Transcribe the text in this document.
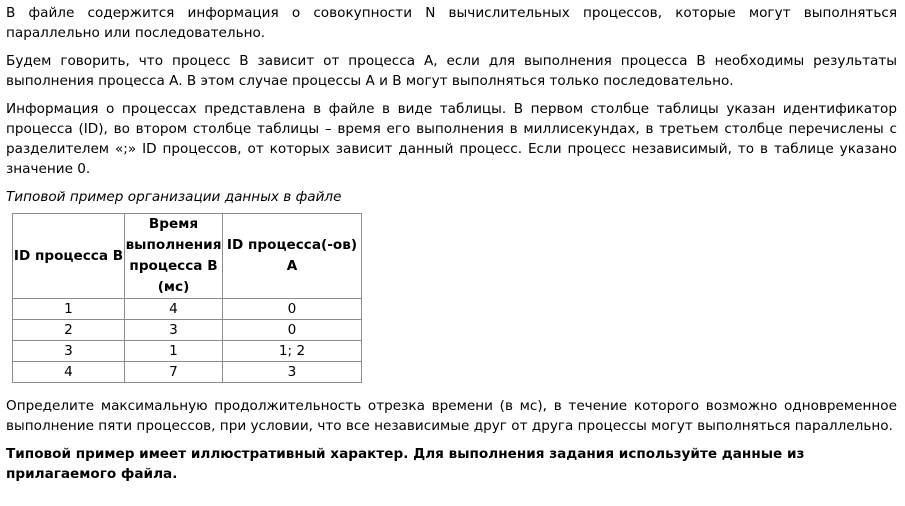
В файле содержится информация о совокупности N вычислительных процессов, которые могут выполняться параллельно или последовательно.

Будем говорить, что процесс B зависит от процесса A, если для выполнения процесса B необходимы результаты выполнения процесса A. В этом случае процессы A и B могут выполняться только последовательно.

Информация о процессах представлена в файле в виде таблицы. В первом столбце таблицы указан идентификатор процесса (ID), во втором столбце таблицы – время его выполнения в миллисекундах, в третьем столбце перечислены с разделителем «;» ID процессов, от которых зависит данный процесс. Если процесс независимый, то в таблице указано значение 0.

Типовой пример организации данных в файле

ID процесса B	Время выполнения процесса B (мс)	ID процесса(-ов) A
1	4	0
2	3	0
3	1	1; 2
4	7	3

Определите максимальную продолжительность отрезка времени (в мс), в течение которого возможно одновременное выполнение пяти процессов, при условии, что все независимые друг от друга процессы могут выполняться параллельно.

Типовой пример имеет иллюстративный характер. Для выполнения задания используйте данные из прилагаемого файла.
